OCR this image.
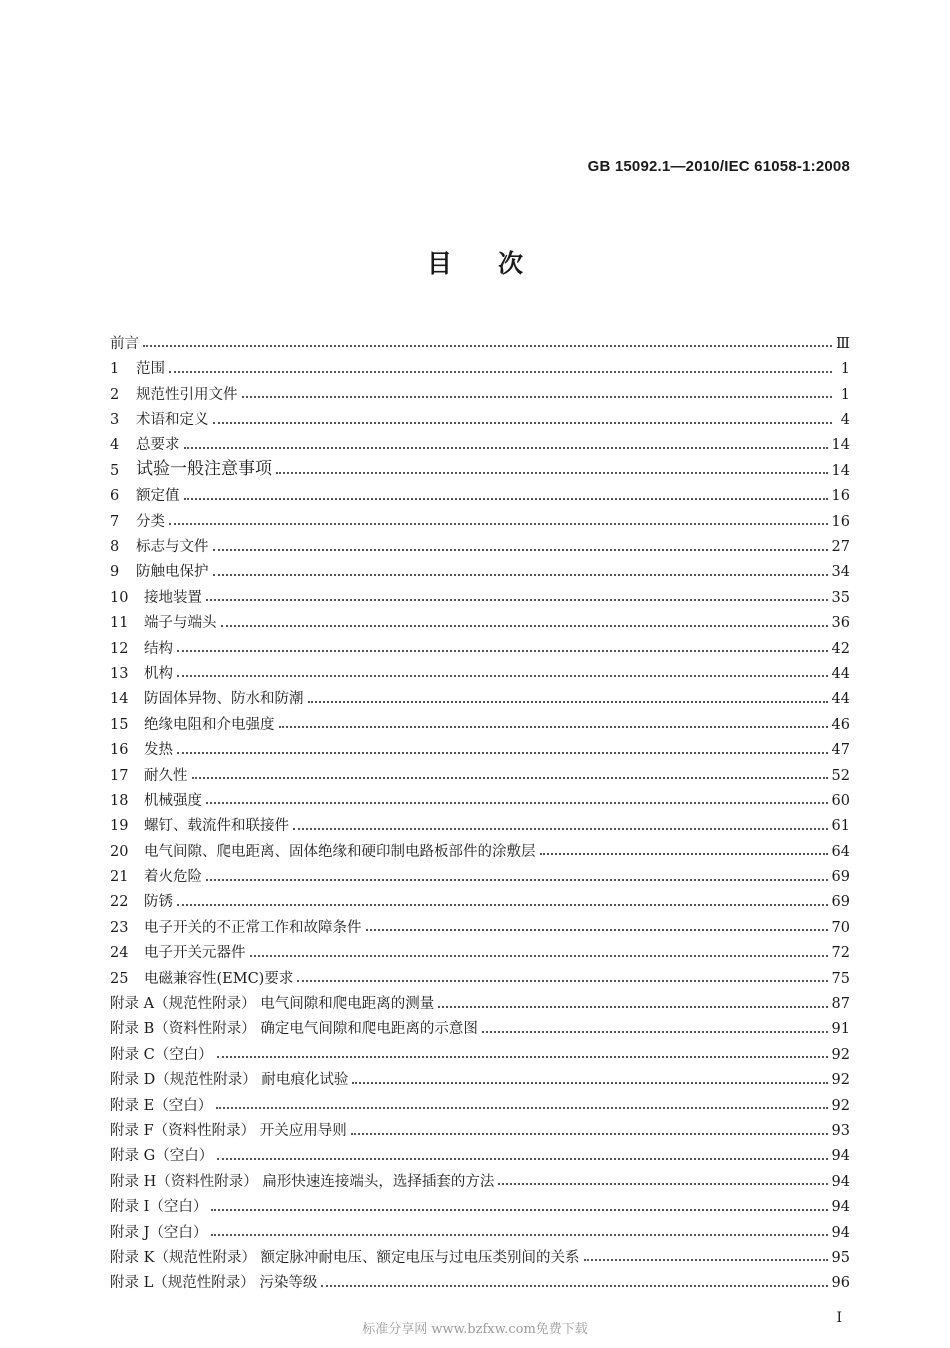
GB 15092.1—2010/IEC 61058-1:2008
目次
前言	Ⅲ
1	范围	1
2	规范性引用文件	1
3	术语和定义	4
4	总要求	14
5 试验一般注意事项	14
6	额定值	16
7	分类	16
8	标志与文件	27
9	防触电保护	34
10	接地装置	35
11	端子与端头	36
12	结构	42
13	机构	44
14	防固体异物、防水和防潮	44
15	绝缘电阻和介电强度	46
16	发热	47
17	耐久性	52
18	机械强度	60
19	螺钉、载流件和联接件	61
20	电气间隙、爬电距离、固体绝缘和硬印制电路板部件的涂敷层	64
21	着火危险	69
22	防锈	69
23	电子开关的不正常工作和故障条件	70
24	电子开关元器件	72
25	电磁兼容性(EMC)要求	75
附录 A（规范性附录） 电气间隙和爬电距离的测量	87
附录 B（资料性附录） 确定电气间隙和爬电距离的示意图	91
附录 C（空白）	92
附录 D（规范性附录） 耐电痕化试验	92
附录 E（空白）	92
附录 F（资料性附录） 开关应用导则	93
附录 G（空白）	94
附录 H（资料性附录） 扁形快速连接端头，选择插套的方法	94
附录 I（空白）	94
附录 J（空白）	94
附录 K（规范性附录） 额定脉冲耐电压、额定电压与过电压类别间的关系	95
附录 L（规范性附录） 污染等级	96
I
标准分享网 www.bzfxw.com免费下载
